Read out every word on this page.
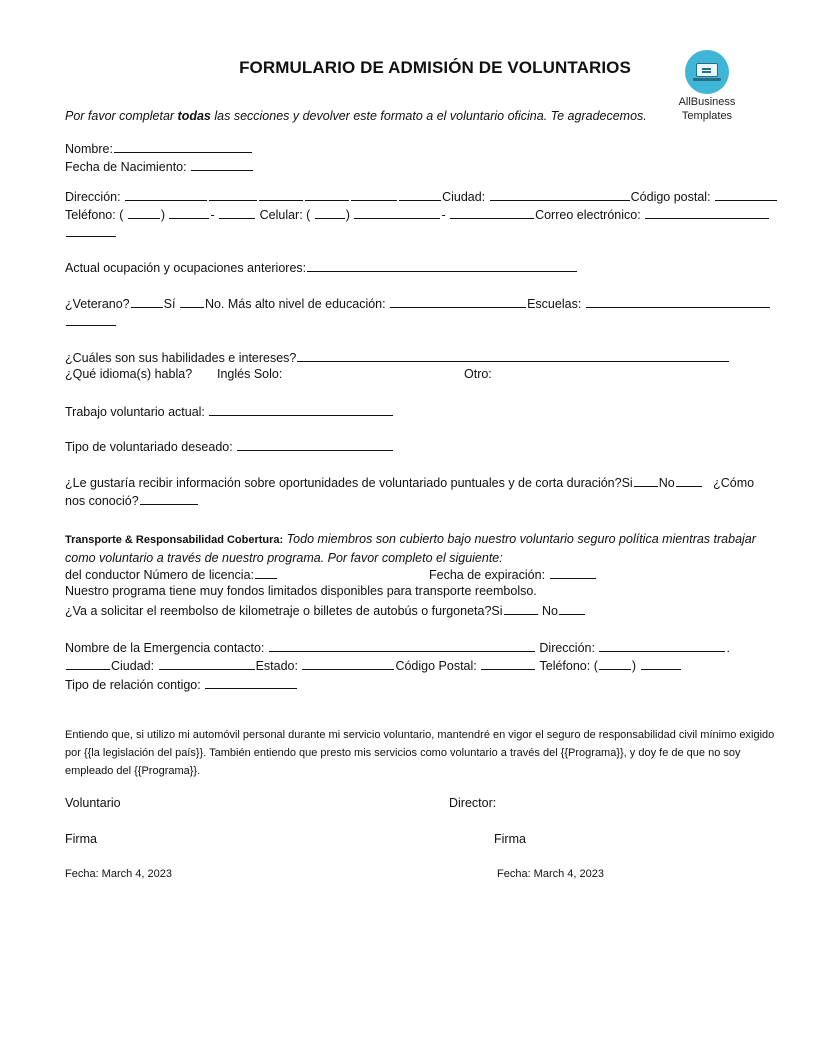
FORMULARIO DE ADMISIÓN DE VOLUNTARIOS
AllBusiness
Templates
Por favor completar todas las secciones y devolver este formato a el voluntario oficina. Te agradecemos.
Nombre:
Fecha de Nacimiento:
Dirección:	Ciudad:	Código postal:
Teléfono: (	)	-	Celular: (	)	-	Correo electrónico:
Actual ocupación y ocupaciones anteriores:
¿Veterano?	Sí No. Más alto nivel de educación:	Escuelas:
¿Cuáles son sus habilidades e intereses?
¿Qué idioma(s) habla? Inglés Solo:	Otro:
Trabajo voluntario actual:
Tipo de voluntariado deseado:
¿Le gustaría recibir información sobre oportunidades de voluntariado puntuales y de corta duración?Si No	¿Cómo
nos conoció?
Transporte & Responsabilidad Cobertura: Todo miembros son cubierto bajo nuestro voluntario seguro política mientras trabajar como voluntario a través de nuestro programa. Por favor completo el siguiente:
del conductor Número de licencia:	Fecha de expiración:
Nuestro programa tiene muy fondos limitados disponibles para transporte reembolso.
¿Va a solicitar el reembolso de kilometraje o billetes de autobús o furgoneta?Si	No
Nombre de la Emergencia contacto:	Dirección:	.
Ciudad:	Estado:	Código Postal:	Teléfono: (	)
Tipo de relación contigo:
Entiendo que, si utilizo mi automóvil personal durante mi servicio voluntario, mantendré en vigor el seguro de responsabilidad civil mínimo exigido por {{la legislación del país}}. También entiendo que presto mis servicios como voluntario a través del {{Programa}}, y doy fe de que no soy empleado del {{Programa}}.
Voluntario	Director:
Firma	Firma
Fecha: March 4, 2023	Fecha: March 4, 2023
